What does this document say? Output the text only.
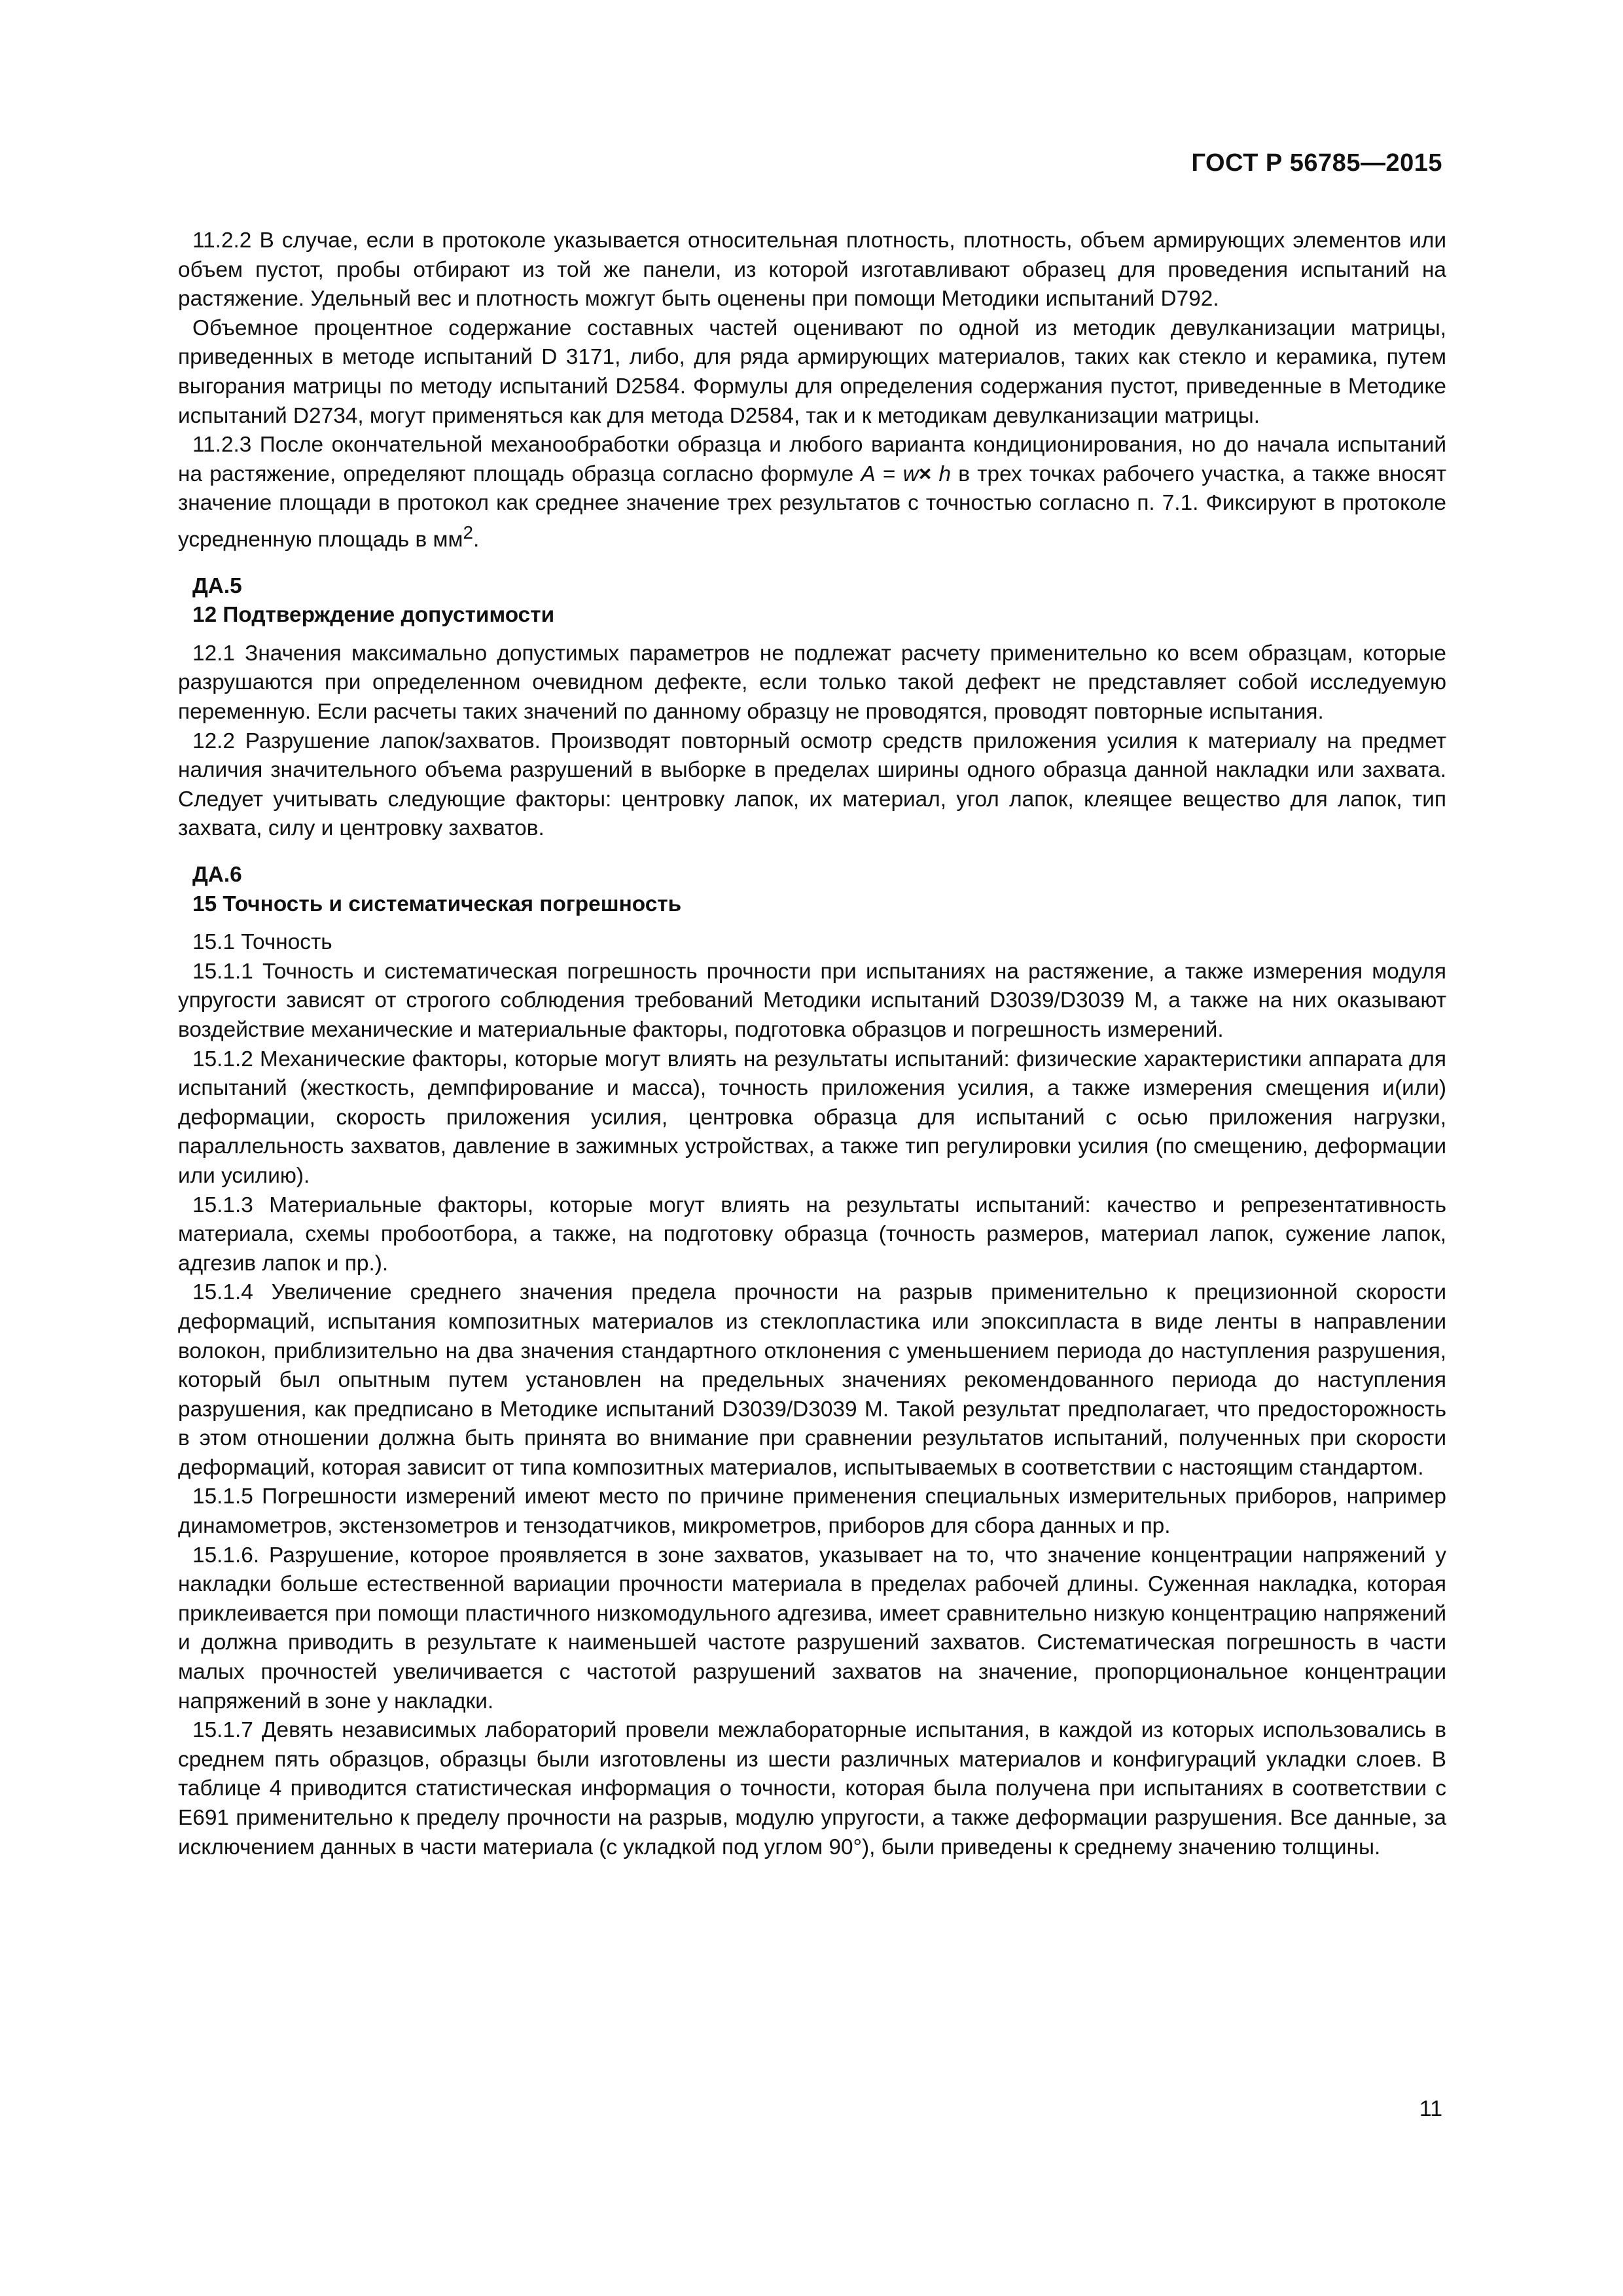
ГОСТ Р 56785—2015

11.2.2 В случае, если в протоколе указывается относительная плотность, плотность, объем армирующих элементов или объем пустот, пробы отбирают из той же панели, из которой изготавливают образец для проведения испытаний на растяжение. Удельный вес и плотность можгут быть оценены при помощи Методики испытаний D792.

Объемное процентное содержание составных частей оценивают по одной из методик девулканизации матрицы, приведенных в методе испытаний D 3171, либо, для ряда армирующих материалов, таких как стекло и керамика, путем выгорания матрицы по методу испытаний D2584. Формулы для определения содержания пустот, приведенные в Методике испытаний D2734, могут применяться как для метода D2584, так и к методикам девулканизации матрицы.

11.2.3 После окончательной механообработки образца и любого варианта кондиционирования, но до начала испытаний на растяжение, определяют площадь образца согласно формуле A = w× h в трех точках рабочего участка, а также вносят значение площади в протокол как среднее значение трех результатов с точностью согласно п. 7.1. Фиксируют в протоколе усредненную площадь в $мм^2$.

ДА.5

12 Подтверждение допустимости

12.1 Значения максимально допустимых параметров не подлежат расчету применительно ко всем образцам, которые разрушаются при определенном очевидном дефекте, если только такой дефект не представляет собой исследуемую переменную. Если расчеты таких значений по данному образцу не проводятся, проводят повторные испытания.

12.2 Разрушение лапок/захватов. Производят повторный осмотр средств приложения усилия к материалу на предмет наличия значительного объема разрушений в выборке в пределах ширины одного образца данной накладки или захвата. Следует учитывать следующие факторы: центровку лапок, их материал, угол лапок, клеящее вещество для лапок, тип захвата, силу и центровку захватов.

ДА.6

15 Точность и систематическая погрешность

15.1 Точность

15.1.1 Точность и систематическая погрешность прочности при испытаниях на растяжение, а также измерения модуля упругости зависят от строгого соблюдения требований Методики испытаний D3039/D3039 M, а также на них оказывают воздействие механические и материальные факторы, подготовка образцов и погрешность измерений.

15.1.2 Механические факторы, которые могут влиять на результаты испытаний: физические характеристики аппарата для испытаний (жесткость, демпфирование и масса), точность приложения усилия, а также измерения смещения и(или) деформации, скорость приложения усилия, центровка образца для испытаний с осью приложения нагрузки, параллельность захватов, давление в зажимных устройствах, а также тип регулировки усилия (по смещению, деформации или усилию).

15.1.3 Материальные факторы, которые могут влиять на результаты испытаний: качество и репрезентативность материала, схемы пробоотбора, а также, на подготовку образца (точность размеров, материал лапок, сужение лапок, адгезив лапок и пр.).

15.1.4 Увеличение среднего значения предела прочности на разрыв применительно к прецизионной скорости деформаций, испытания композитных материалов из стеклопластика или эпоксипласта в виде ленты в направлении волокон, приблизительно на два значения стандартного отклонения с уменьшением периода до наступления разрушения, который был опытным путем установлен на предельных значениях рекомендованного периода до наступления разрушения, как предписано в Методике испытаний D3039/D3039 M. Такой результат предполагает, что предосторожность в этом отношении должна быть принята во внимание при сравнении результатов испытаний, полученных при скорости деформаций, которая зависит от типа композитных материалов, испытываемых в соответствии с настоящим стандартом.

15.1.5 Погрешности измерений имеют место по причине применения специальных измерительных приборов, например динамометров, экстензометров и тензодатчиков, микрометров, приборов для сбора данных и пр.

15.1.6. Разрушение, которое проявляется в зоне захватов, указывает на то, что значение концентрации напряжений у накладки больше естественной вариации прочности материала в пределах рабочей длины. Суженная накладка, которая приклеивается при помощи пластичного низкомодульного адгезива, имеет сравнительно низкую концентрацию напряжений и должна приводить в результате к наименьшей частоте разрушений захватов. Систематическая погрешность в части малых прочностей увеличивается с частотой разрушений захватов на значение, пропорциональное концентрации напряжений в зоне у накладки.

15.1.7 Девять независимых лабораторий провели межлабораторные испытания, в каждой из которых использовались в среднем пять образцов, образцы были изготовлены из шести различных материалов и конфигураций укладки слоев. В таблице 4 приводится статистическая информация о точности, которая была получена при испытаниях в соответствии с E691 применительно к пределу прочности на разрыв, модулю упругости, а также деформации разрушения. Все данные, за исключением данных в части материала (с укладкой под углом 90°), были приведены к среднему значению толщины.

11
